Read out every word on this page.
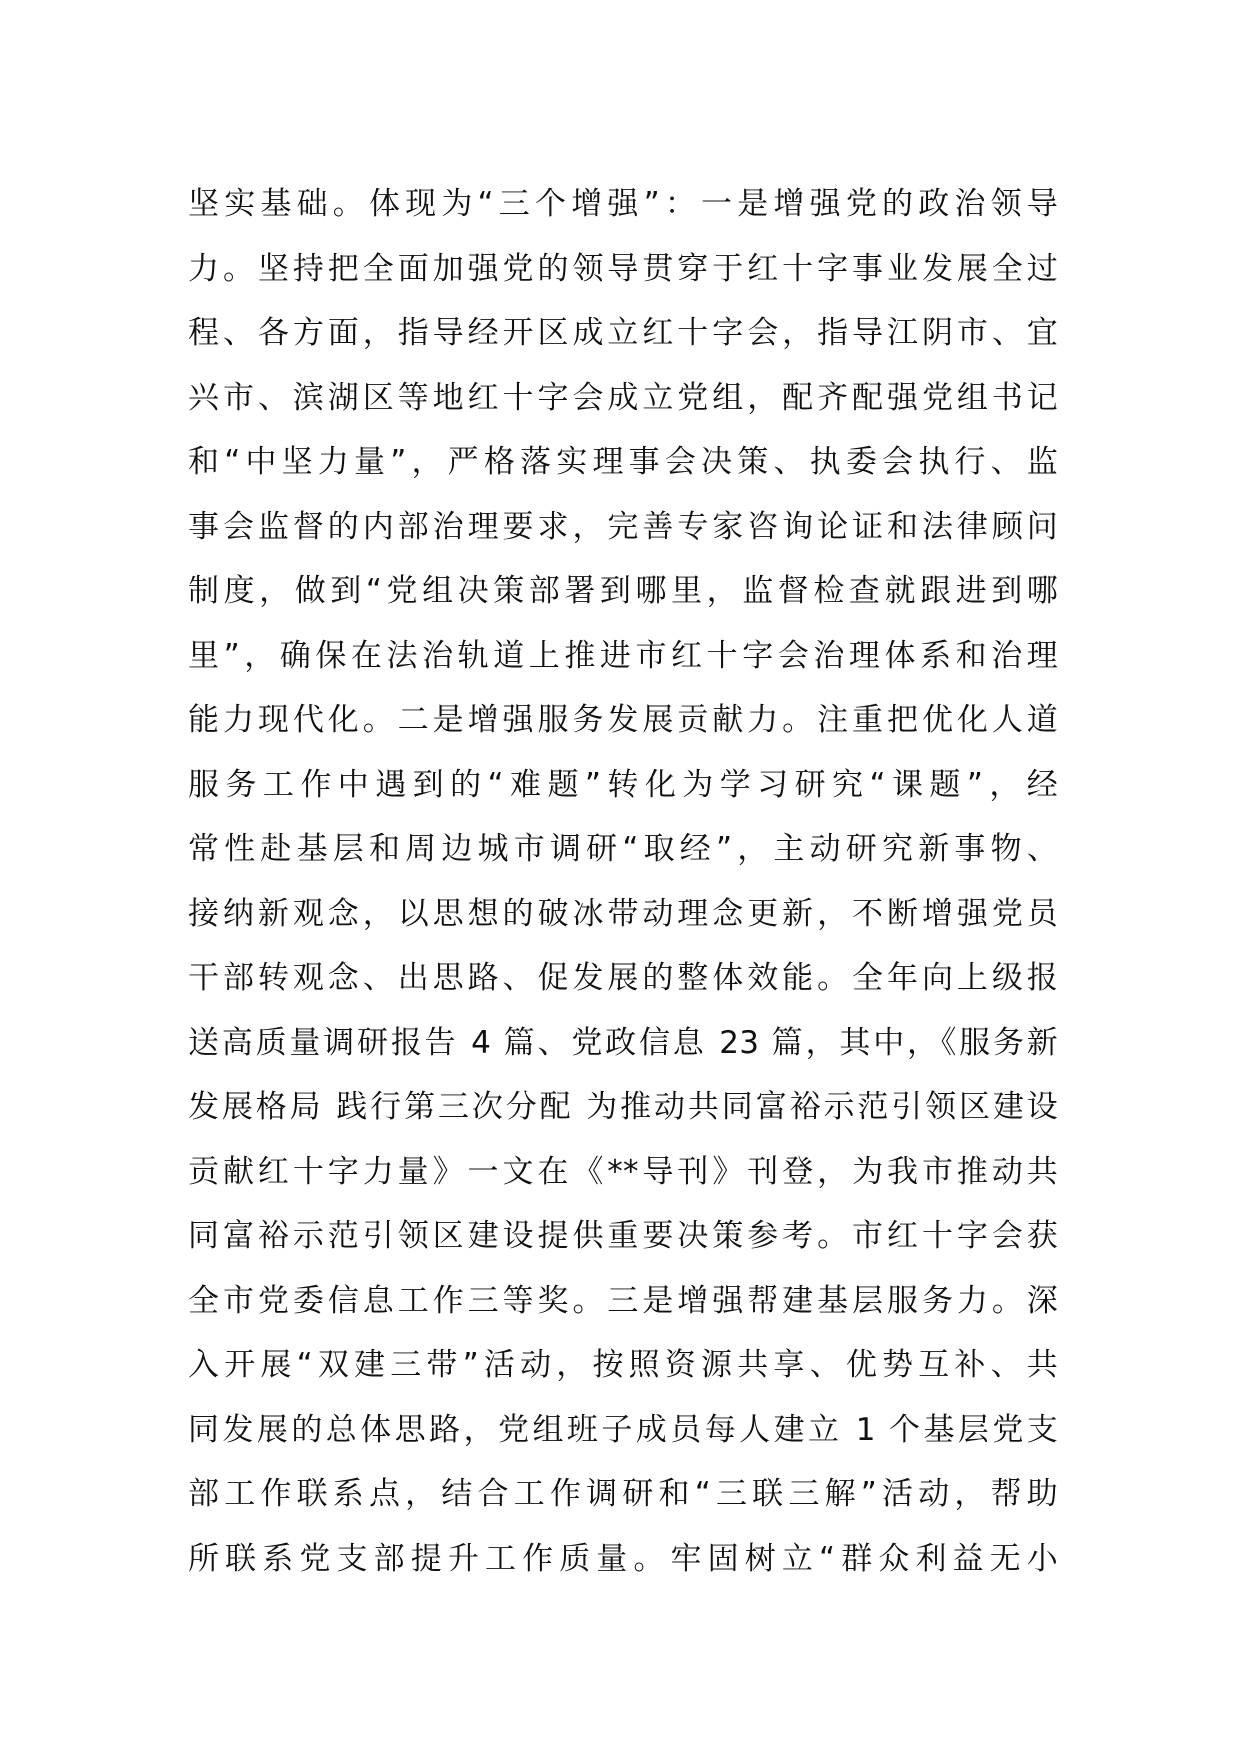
坚实基础。体现为“三个增强”：一是增强党的政治领导
力。坚持把全面加强党的领导贯穿于红十字事业发展全过
程、各方面，指导经开区成立红十字会，指导江阴市、宜
兴市、滨湖区等地红十字会成立党组，配齐配强党组书记
和“中坚力量”，严格落实理事会决策、执委会执行、监
事会监督的内部治理要求，完善专家咨询论证和法律顾问
制度，做到“党组决策部署到哪里，监督检查就跟进到哪
里”，确保在法治轨道上推进市红十字会治理体系和治理
能力现代化。二是增强服务发展贡献力。注重把优化人道
服务工作中遇到的“难题”转化为学习研究“课题”，经
常性赴基层和周边城市调研“取经”，主动研究新事物、
接纳新观念，以思想的破冰带动理念更新，不断增强党员
干部转观念、出思路、促发展的整体效能。全年向上级报
送高质量调研报告 4 篇、党政信息 23 篇，其中，《服务新
发展格局 践行第三次分配 为推动共同富裕示范引领区建设
贡献红十字力量》一文在《**导刊》刊登，为我市推动共
同富裕示范引领区建设提供重要决策参考。市红十字会获
全市党委信息工作三等奖。三是增强帮建基层服务力。深
入开展“双建三带”活动，按照资源共享、优势互补、共
同发展的总体思路，党组班子成员每人建立 1 个基层党支
部工作联系点，结合工作调研和“三联三解”活动，帮助
所联系党支部提升工作质量。牢固树立“群众利益无小
